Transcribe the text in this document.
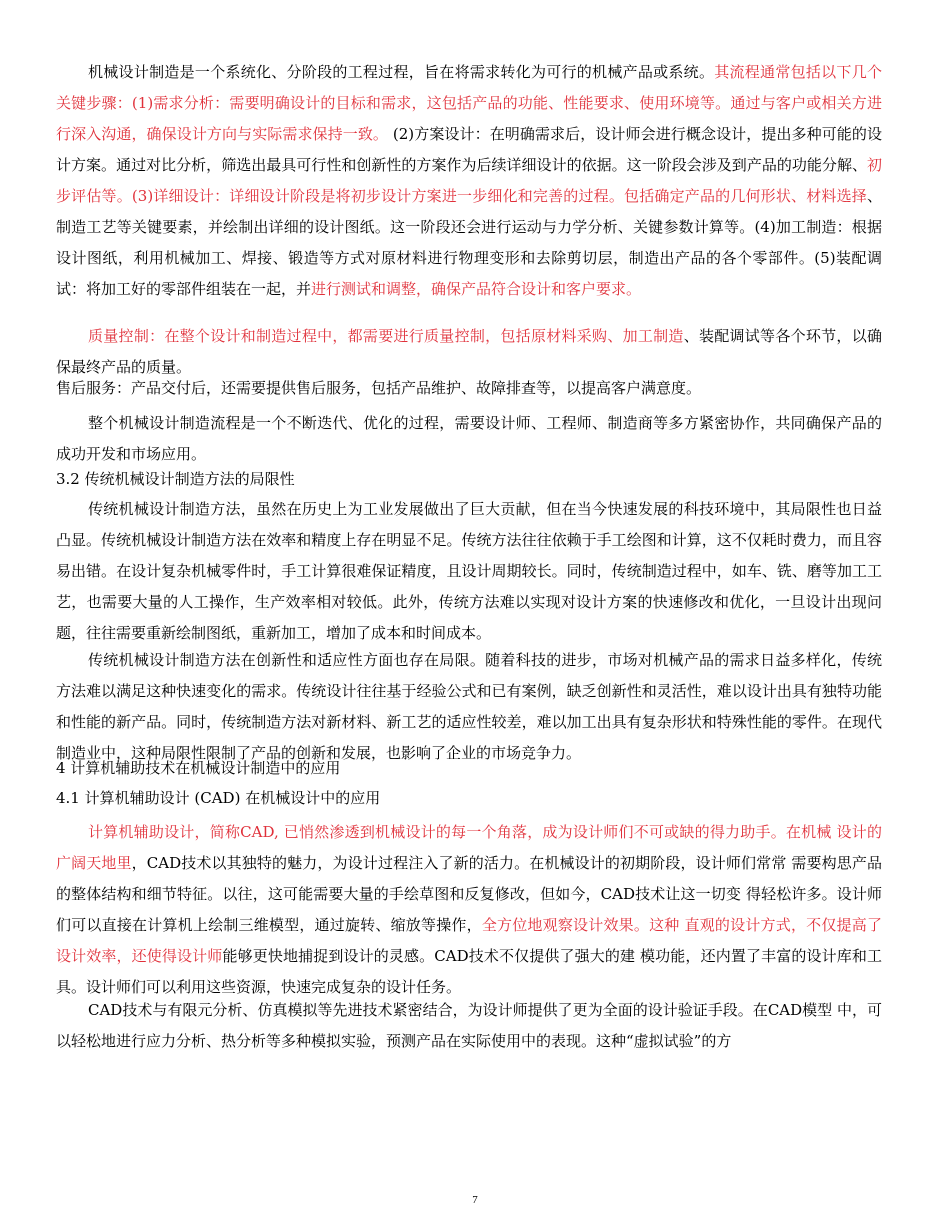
机械设计制造是一个系统化、分阶段的工程过程，旨在将需求转化为可行的机械产品或系统。其流程通常包括以下几个关键步骤：(1)需求分析：需要明确设计的目标和需求，这包括产品的功能、性能要求、使用环境等。通过与客户或相关方进行深入沟通，确保设计方向与实际需求保持一致。 (2)方案设计：在明确需求后，设计师会进行概念设计，提出多种可能的设计方案。通过对比分析，筛选出最具可行性和创新性的方案作为后续详细设计的依据。这一阶段会涉及到产品的功能分解、初步评估等。(3)详细设计：详细设计阶段是将初步设计方案进一步细化和完善的过程。包括确定产品的几何形状、材料选择、制造工艺等关键要素，并绘制出详细的设计图纸。这一阶段还会进行运动与力学分析、关键参数计算等。(4)加工制造：根据设计图纸，利用机械加工、焊接、锻造等方式对原材料进行物理变形和去除剪切层，制造出产品的各个零部件。(5)装配调试：将加工好的零部件组装在一起，并进行测试和调整，确保产品符合设计和客户要求。

质量控制：在整个设计和制造过程中，都需要进行质量控制，包括原材料采购、加工制造、装配调试等各个环节，以确保最终产品的质量。

售后服务：产品交付后，还需要提供售后服务，包括产品维护、故障排查等，以提高客户满意度。

整个机械设计制造流程是一个不断迭代、优化的过程，需要设计师、工程师、制造商等多方紧密协作，共同确保产品的成功开发和市场应用。

3.2 传统机械设计制造方法的局限性

传统机械设计制造方法，虽然在历史上为工业发展做出了巨大贡献，但在当今快速发展的科技环境中，其局限性也日益凸显。传统机械设计制造方法在效率和精度上存在明显不足。传统方法往往依赖于手工绘图和计算，这不仅耗时费力，而且容易出错。在设计复杂机械零件时，手工计算很难保证精度，且设计周期较长。同时，传统制造过程中，如车、铣、磨等加工工艺，也需要大量的人工操作，生产效率相对较低。此外，传统方法难以实现对设计方案的快速修改和优化，一旦设计出现问题，往往需要重新绘制图纸，重新加工，增加了成本和时间成本。

传统机械设计制造方法在创新性和适应性方面也存在局限。随着科技的进步，市场对机械产品的需求日益多样化，传统方法难以满足这种快速变化的需求。传统设计往往基于经验公式和已有案例，缺乏创新性和灵活性，难以设计出具有独特功能和性能的新产品。同时，传统制造方法对新材料、新工艺的适应性较差，难以加工出具有复杂形状和特殊性能的零件。在现代制造业中，这种局限性限制了产品的创新和发展，也影响了企业的市场竞争力。

4 计算机辅助技术在机械设计制造中的应用

4.1 计算机辅助设计 (CAD) 在机械设计中的应用

计算机辅助设计，简称CAD, 已悄然渗透到机械设计的每一个角落，成为设计师们不可或缺的得力助手。在机械 设计的广阔天地里，CAD技术以其独特的魅力，为设计过程注入了新的活力。在机械设计的初期阶段，设计师们常常 需要构思产品的整体结构和细节特征。以往，这可能需要大量的手绘草图和反复修改，但如今，CAD技术让这一切变 得轻松许多。设计师们可以直接在计算机上绘制三维模型，通过旋转、缩放等操作，全方位地观察设计效果。这种 直观的设计方式，不仅提高了设计效率，还使得设计师能够更快地捕捉到设计的灵感。CAD技术不仅提供了强大的建 模功能，还内置了丰富的设计库和工具。设计师们可以利用这些资源，快速完成复杂的设计任务。

CAD技术与有限元分析、仿真模拟等先进技术紧密结合，为设计师提供了更为全面的设计验证手段。在CAD模型 中，可以轻松地进行应力分析、热分析等多种模拟实验，预测产品在实际使用中的表现。这种“虚拟试验”的方

7
